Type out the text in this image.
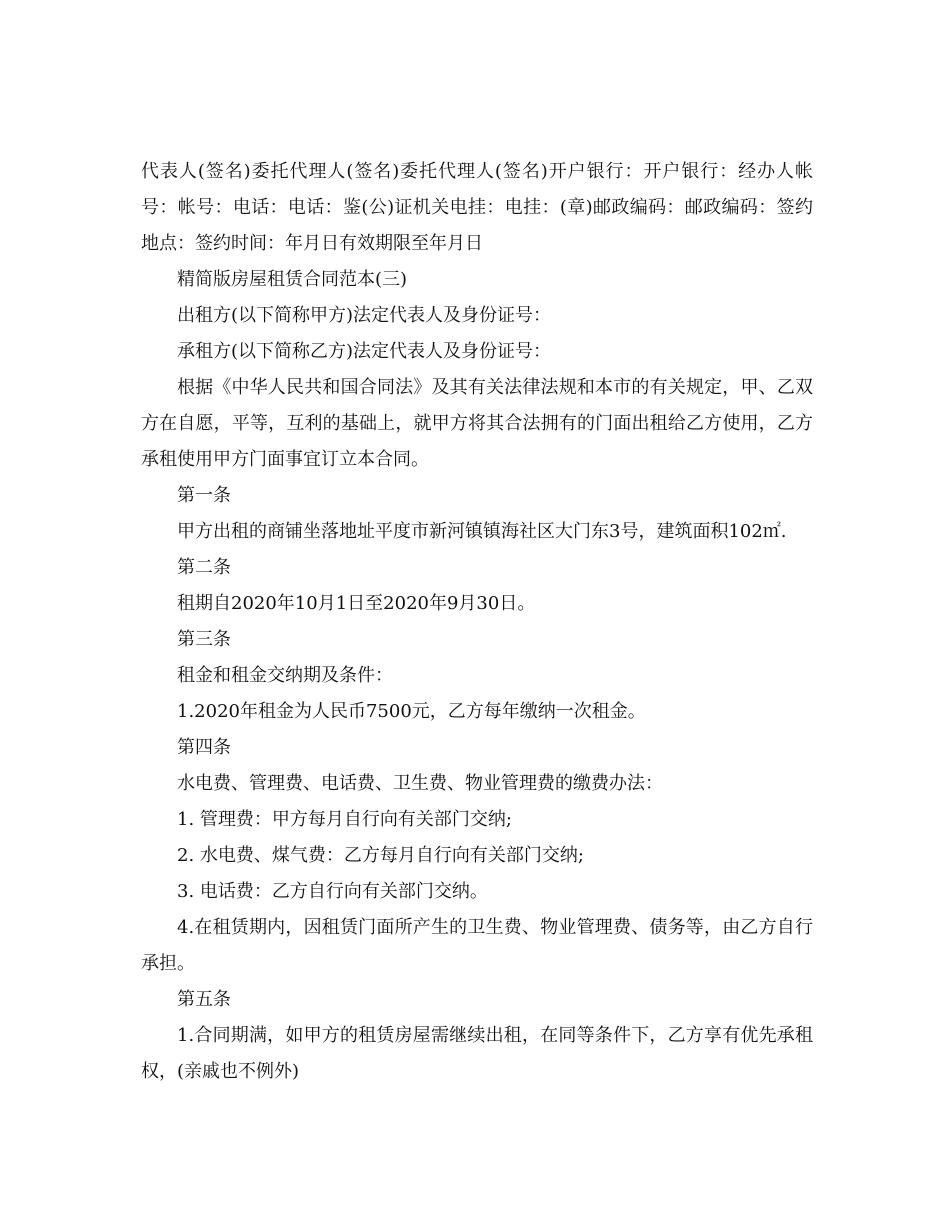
代表人(签名)委托代理人(签名)委托代理人(签名)开户银行：开户银行：经办人帐号：帐号：电话：电话：鉴(公)证机关电挂：电挂：(章)邮政编码：邮政编码：签约地点：签约时间：年月日有效期限至年月日

精简版房屋租赁合同范本(三)

出租方(以下简称甲方)法定代表人及身份证号：

承租方(以下简称乙方)法定代表人及身份证号：

根据《中华人民共和国合同法》及其有关法律法规和本市的有关规定，甲、乙双方在自愿，平等，互利的基础上，就甲方将其合法拥有的门面出租给乙方使用，乙方承租使用甲方门面事宜订立本合同。

第一条

甲方出租的商铺坐落地址平度市新河镇镇海社区大门东3号，建筑面积102㎡.

第二条

租期自2020年10月1日至2020年9月30日。

第三条

租金和租金交纳期及条件：

1.2020年租金为人民币7500元，乙方每年缴纳一次租金。

第四条

水电费、管理费、电话费、卫生费、物业管理费的缴费办法：

1. 管理费：甲方每月自行向有关部门交纳;

2. 水电费、煤气费：乙方每月自行向有关部门交纳;

3. 电话费：乙方自行向有关部门交纳。

4.在租赁期内，因租赁门面所产生的卫生费、物业管理费、债务等，由乙方自行承担。

第五条

1.合同期满，如甲方的租赁房屋需继续出租，在同等条件下，乙方享有优先承租权，(亲戚也不例外)
